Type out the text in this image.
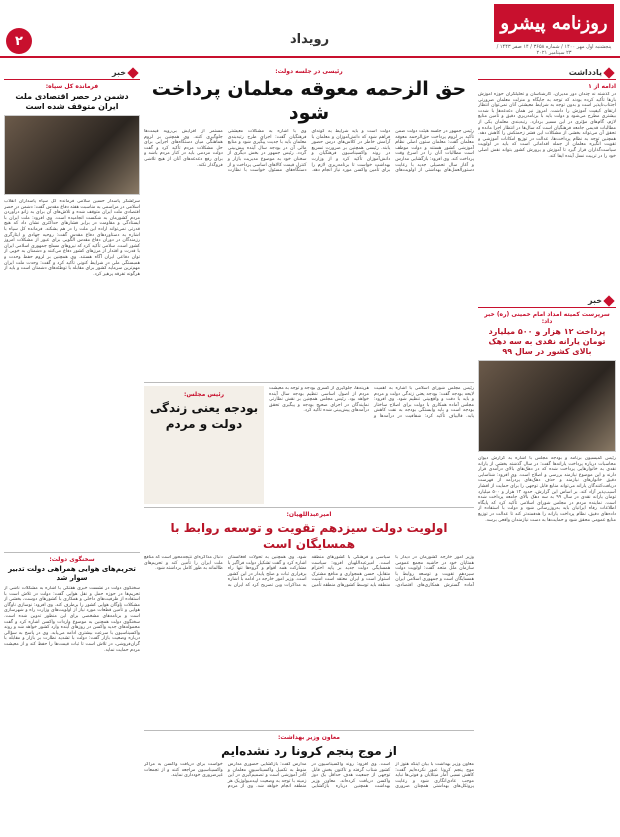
۲	رویداد
روزنامه پیشرو
پنجشنبه اول مهر ۱۴۰۰ / شماره ۳۶۵۸ / ۱۴ صفر ۱۴۴۳ / ۲۳ سپتامبر ۲۰۲۱
یادداشت
ادامه از ۱
در گذشته نه چندان دور مدیران، کارشناسان و تحلیلگران حوزه آموزش بارها تأکید کرده بودند که توجه به جایگاه و منزلت معلمان ضرورتی اجتناب‌ناپذیر است و بدون توجه به شرایط معیشتی آنان نمی‌توان انتظار ارتقای کیفیت آموزش را داشت. امروز نیز همان دغدغه‌ها با شدت بیشتری مطرح می‌شود و دولت باید با برنامه‌ریزی دقیق و تأمین منابع لازم، گام‌های مؤثری در این مسیر بردارد. رتبه‌بندی معلمان یکی از مطالبات قدیمی جامعه فرهنگیان است که سال‌ها در انتظار اجرا مانده و تحقق آن می‌تواند بخشی از مشکلات این قشر زحمتکش را کاهش دهد. همچنین توجه به نظام پرداخت‌ها، عدالت در توزیع امکانات آموزشی و تقویت انگیزه معلمان از جمله اقداماتی است که باید در اولویت سیاست‌گذاران قرار گیرد تا آموزش و پرورش کشور بتواند نقش اصلی خود را در تربیت نسل آینده ایفا کند.
خبر
سرپرست کمیته امداد امام خمینی (ره) خبر داد:
پرداخت ۱۲ هزار و ۵۰۰ میلیارد تومان یارانه نقدی به سه دهک بالای کشور در سال ۹۹
رئیس کمیسیون برنامه و بودجه مجلس با اشاره به گزارش دیوان محاسبات درباره پرداخت یارانه‌ها گفت: در سال گذشته بخشی از یارانه نقدی به خانوارهایی پرداخت شده که در دهک‌های بالای درآمدی قرار دارند و این موضوع نیازمند بررسی و اصلاح است. وی افزود: شناسایی دقیق خانوارهای نیازمند و حذف دهک‌های پردرآمد از فهرست دریافت‌کنندگان یارانه می‌تواند منابع قابل توجهی را برای حمایت از اقشار آسیب‌پذیر آزاد کند. بر اساس این گزارش، حدود ۱۲ هزار و ۵۰۰ میلیارد تومان یارانه نقدی در سال ۹۹ به سه دهک بالای جامعه پرداخت شده است. نماینده مردم در مجلس شورای اسلامی تأکید کرد که پایگاه اطلاعات رفاه ایرانیان باید به‌روزرسانی شود و دولت با استفاده از داده‌های دقیق، نظام پرداخت یارانه را هدفمندتر کند تا عدالت در توزیع منابع عمومی محقق شود و حمایت‌ها به دست نیازمندان واقعی برسد.
رئیسی در جلسه دولت:
حق الزحمه معوقه معلمان پرداخت شود
رئیس جمهور در جلسه هیئت دولت ضمن تأکید بر لزوم پرداخت حق‌الزحمه معوقه معلمان گفت: معلمان ستون اصلی نظام آموزشی کشور هستند و دولت موظف است مطالبات آنان را در اسرع وقت پرداخت کند. وی افزود: بازگشایی مدارس و آغاز سال تحصیلی جدید با رعایت دستورالعمل‌های بهداشتی از اولویت‌های دولت است و باید شرایط به گونه‌ای فراهم شود که دانش‌آموزان و معلمان با آرامش خاطر در کلاس‌های درس حضور یابند. رئیسی همچنین بر ضرورت تسریع در روند واکسیناسیون فرهنگیان و دانش‌آموزان تأکید کرد و از وزارت بهداشت خواست تا برنامه‌ریزی لازم را برای تأمین واکسن مورد نیاز انجام دهد. وی با اشاره به مشکلات معیشتی فرهنگیان گفت: اجرای طرح رتبه‌بندی معلمان باید با جدیت پیگیری شود و منابع مالی آن در بودجه سال آینده پیش‌بینی گردد. رئیس جمهور در بخش دیگری از سخنان خود به موضوع مدیریت بازار و کنترل قیمت کالاهای اساسی پرداخت و از دستگاه‌های مسئول خواست با نظارت مستمر از افزایش بی‌رویه قیمت‌ها جلوگیری کنند. وی همچنین بر لزوم هماهنگی میان دستگاه‌های اجرایی برای حل مشکلات مردم تأکید کرد و گفت دولت مردمی باید در کنار مردم باشد و برای رفع دغدغه‌های آنان از هیچ تلاشی فروگذار نکند.
رئیس مجلس شورای اسلامی با اشاره به اهمیت لایحه بودجه گفت: بودجه یعنی زندگی دولت و مردم و باید با دقت و واقع‌بینی تنظیم شود. وی افزود: مجلس آماده همکاری با دولت برای اصلاح ساختار بودجه است و باید وابستگی بودجه به نفت کاهش یابد. قالیباف تأکید کرد: شفافیت در درآمدها و هزینه‌ها، جلوگیری از کسری بودجه و توجه به معیشت مردم از اصول اساسی تنظیم بودجه سال آینده خواهد بود. رئیس مجلس همچنین بر نقش نظارتی نمایندگان در اجرای صحیح بودجه و پیگیری تحقق درآمدهای پیش‌بینی شده تأکید کرد.
رئیس مجلس:
بودجه یعنی زندگی دولت و مردم
امیرعبداللهیان:
اولویت دولت سیزدهم تقویت و توسعه روابط با همسایگان است
وزیر امور خارجه کشورمان در دیدار با همتایان خود در حاشیه مجمع عمومی سازمان ملل متحد گفت: اولویت دولت سیزدهم تقویت و توسعه روابط با همسایگان است و جمهوری اسلامی ایران آماده گسترش همکاری‌های اقتصادی، سیاسی و فرهنگی با کشورهای منطقه است. امیرعبداللهیان افزود: سیاست همسایگی دولت جدید بر پایه احترام متقابل، حسن همجواری و منافع مشترک استوار است و ایران معتقد است امنیت منطقه باید توسط کشورهای منطقه تأمین شود. وی همچنین به تحولات افغانستان اشاره کرد و گفت تشکیل دولت فراگیر با مشارکت همه اقوام و گروه‌ها تنها راه برقراری ثبات و صلح پایدار در این کشور است. وزیر امور خارجه در ادامه با اشاره به مذاکرات وین تصریح کرد که ایران به دنبال مذاکره‌ای نتیجه‌محور است که منافع ملت ایران را تأمین کند و تحریم‌های ظالمانه به طور کامل برداشته شود.
معاون وزیر بهداشت:
از موج پنجم کرونا رد نشده‌ایم
معاون وزیر بهداشت با بیان اینکه هنوز از موج پنجم کرونا عبور نکرده‌ایم گفت: کاهش نسبی آمار مبتلایان و فوتی‌ها نباید موجب عادی‌انگاری شود و رعایت پروتکل‌های بهداشتی همچنان ضروری است. وی افزود: روند واکسیناسیون در کشور شتاب گرفته و تاکنون بخش قابل توجهی از جمعیت هدف حداقل یک دوز واکسن دریافت کرده‌اند. معاون وزیر بهداشت همچنین درباره بازگشایی مدارس گفت: بازگشایی حضوری مدارس منوط به تکمیل واکسیناسیون معلمان و کادر آموزشی است و تصمیم‌گیری در این زمینه با توجه به وضعیت اپیدمیولوژیک هر منطقه انجام خواهد شد. وی از مردم خواست برای دریافت واکسن به مراکز واکسیناسیون مراجعه کنند و از تجمعات غیرضروری خودداری نمایند.
خبر
فرمانده کل سپاه:
دشمن در حصر اقتصادی ملت ایران متوقف شده است
سرلشکر پاسدار حسین سلامی فرمانده کل سپاه پاسداران انقلاب اسلامی در مراسمی به مناسبت هفته دفاع مقدس گفت: دشمن در حصر اقتصادی ملت ایران متوقف شده و تلاش‌های آن برای به زانو درآوردن مردم کشورمان به شکست انجامیده است. وی افزود: ملت ایران با ایستادگی و مقاومت در برابر فشارهای حداکثری نشان داد که هیچ قدرتی نمی‌تواند اراده این ملت را در هم بشکند. فرمانده کل سپاه با اشاره به دستاوردهای دفاع مقدس گفت: روحیه جهادی و ایثارگری رزمندگان در دوران دفاع مقدس الگویی برای عبور از مشکلات امروز کشور است. سلامی تأکید کرد که نیروهای مسلح جمهوری اسلامی ایران با قدرت و اقتدار از مرزهای کشور دفاع می‌کنند و دشمنان به خوبی از توان دفاعی ایران آگاه هستند. وی همچنین بر لزوم حفظ وحدت و همبستگی ملی در شرایط کنونی تأکید کرد و گفت: وحدت ملت ایران مهم‌ترین سرمایه کشور برای مقابله با توطئه‌های دشمنان است و باید از هرگونه تفرقه پرهیز کرد.
سخنگوی دولت:
تحریم‌های هوایی همراهی دولت تدبیر سوار شد
سخنگوی دولت در نشست خبری هفتگی با اشاره به مشکلات ناشی از تحریم‌ها در حوزه حمل و نقل هوایی گفت: دولت در تلاش است با استفاده از ظرفیت‌های داخلی و همکاری با کشورهای دوست، بخشی از مشکلات ناوگان هوایی کشور را برطرف کند. وی افزود: نوسازی ناوگان هوایی و تأمین قطعات مورد نیاز از اولویت‌های وزارت راه و شهرسازی است و برنامه‌های مشخصی برای این منظور تدوین شده است. سخنگوی دولت همچنین به موضوع واردات واکسن اشاره کرد و گفت محموله‌های جدید واکسن در روزهای آینده وارد کشور خواهد شد و روند واکسیناسیون با سرعت بیشتری ادامه می‌یابد. وی در پاسخ به سؤالی درباره وضعیت بازار گفت: دولت با تشدید نظارت بر بازار و مقابله با گران‌فروشی، در تلاش است تا ثبات قیمت‌ها را حفظ کند و از معیشت مردم حمایت نماید.
